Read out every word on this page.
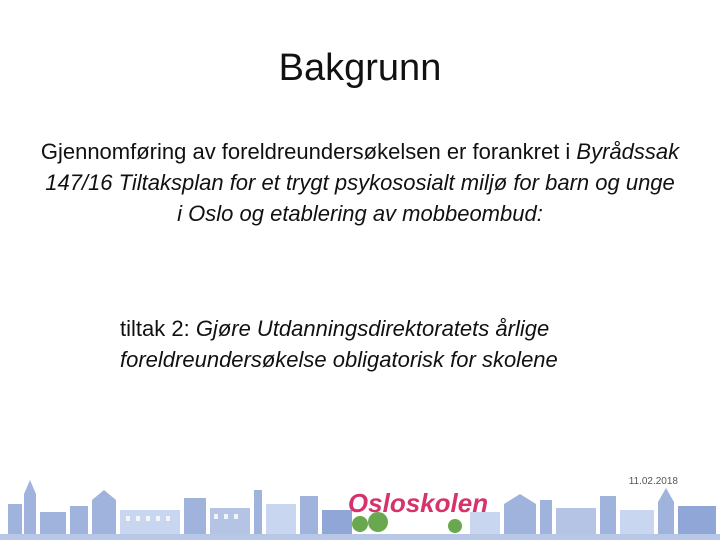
Bakgrunn
Gjennomføring av foreldreundersøkelsen er forankret i Byrådssak 147/16 Tiltaksplan for et trygt psykososialt miljø for barn og unge i Oslo og etablering av mobbeombud:
tiltak 2: Gjøre Utdanningsdirektoratets årlige foreldreundersøkelse obligatorisk for skolene
11.02.2018
Osloskolen
